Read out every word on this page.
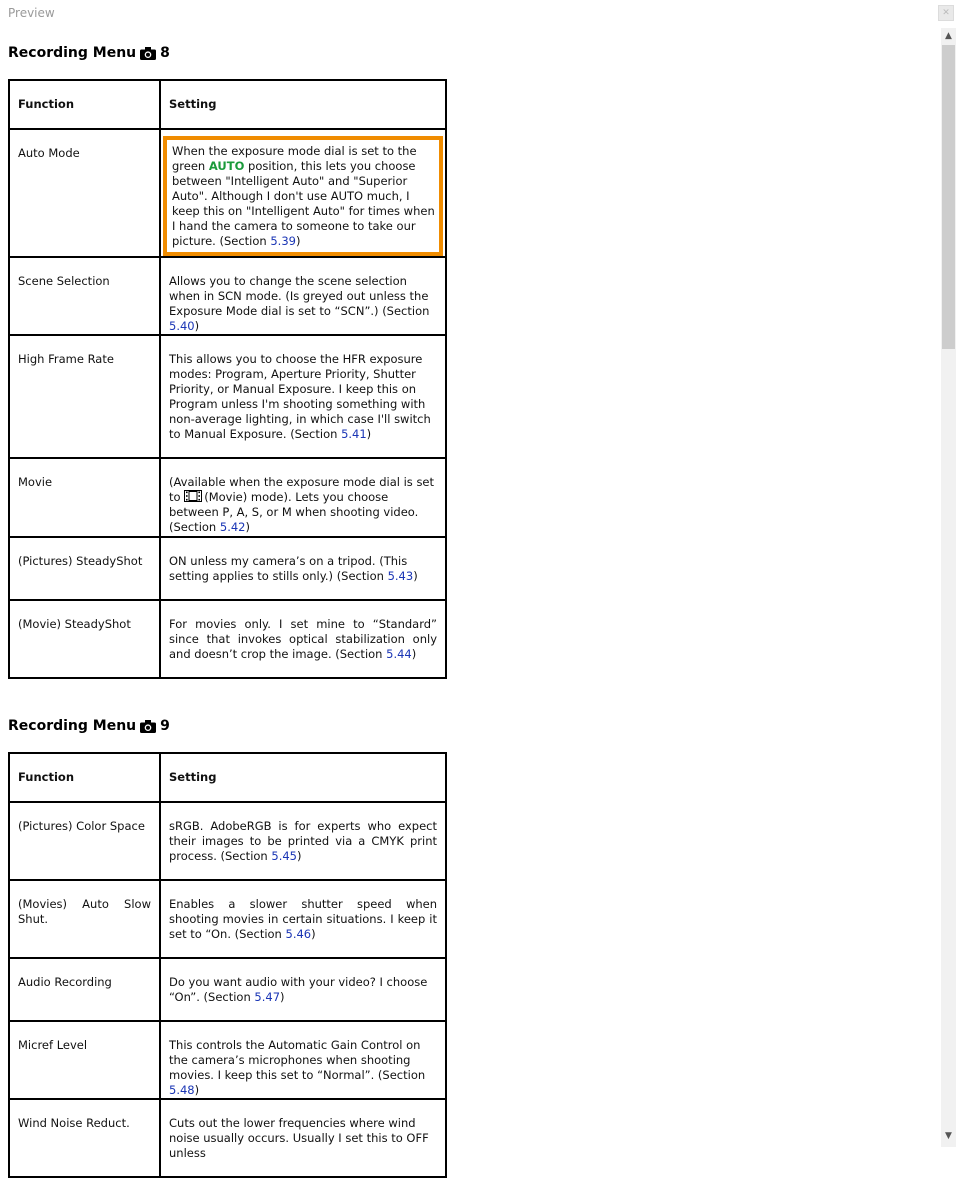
Preview	✕
▲
▼
Recording Menu 8
Function	Setting

Auto Mode	When the exposure mode dial is set to the green AUTO position, this lets you choose between "Intelligent Auto" and "Superior Auto". Although I don't use AUTO much, I keep this on "Intelligent Auto" for times when I hand the camera to someone to take our picture. (Section 5.39)

Scene Selection	Allows you to change the scene selection when in SCN mode. (Is greyed out unless the Exposure Mode dial is set to “SCN”.) (Section 5.40)

High Frame Rate	This allows you to choose the HFR exposure modes: Program, Aperture Priority, Shutter Priority, or Manual Exposure. I keep this on Program unless I'm shooting something with non-average lighting, in which case I'll switch to Manual Exposure. (Section 5.41)

Movie	(Available when the exposure mode dial is set to (Movie) mode). Lets you choose between P, A, S, or M when shooting video. (Section 5.42)

(Pictures) SteadyShot	ON unless my camera’s on a tripod. (This setting applies to stills only.) (Section 5.43)

(Movie) SteadyShot	For movies only. I set mine to “Standard” since that invokes optical stabilization only and doesn’t crop the image. (Section 5.44)
Recording Menu 9
Function	Setting

(Pictures) Color Space	sRGB. AdobeRGB is for experts who expect their images to be printed via a CMYK print process. (Section 5.45)

(Movies)    Auto    Slow Shut.	Enables a slower shutter speed when shooting movies in certain situations. I keep it set to “On. (Section 5.46)

Audio Recording	Do you want audio with your video? I choose “On”. (Section 5.47)

Micref Level	This controls the Automatic Gain Control on the camera’s microphones when shooting movies. I keep this set to “Normal”. (Section 5.48)

Wind Noise Reduct.	Cuts out the lower frequencies where wind noise usually occurs. Usually I set this to OFF unless
